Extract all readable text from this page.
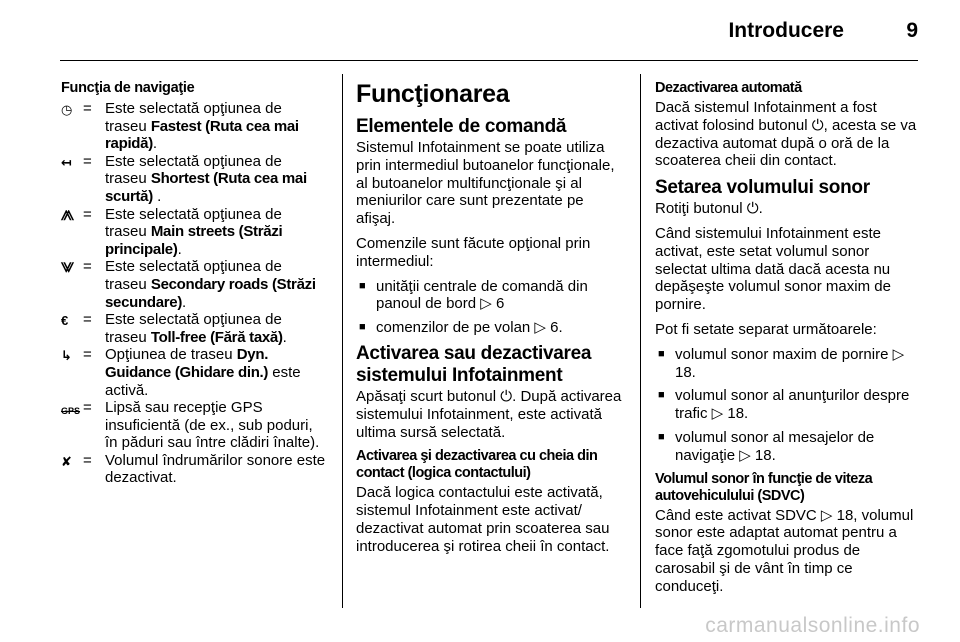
Introducere	9
Funcţia de navigaţie
◷ = Este selectată opţiunea de traseu Fastest (Ruta cea mai rapidă).
↤ = Este selectată opţiunea de traseu Shortest (Ruta cea mai scurtă) .
⨇ = Este selectată opţiunea de traseu Main streets (Străzi principale).
⨈ = Este selectată opţiunea de traseu Secondary roads (Străzi secundare).
€ = Este selectată opţiunea de traseu Toll-free (Fără taxă).
↳ = Opţiunea de traseu Dyn. Guidance (Ghidare din.) este activă.
GPS = Lipsă sau recepţie GPS insuficientă (de ex., sub poduri, în păduri sau între clădiri înalte).
✘ = Volumul îndrumărilor sonore este dezactivat.
Funcţionarea
Elementele de comandă

Sistemul Infotainment se poate utiliza prin intermediul butoanelor funcţionale, al butoanelor multifuncţionale şi al meniurilor care sunt prezentate pe afişaj.

Comenzile sunt făcute opţional prin intermediul:

■ unităţii centrale de comandă din panoul de bord ▷ 6
■ comenzilor de pe volan ▷ 6.
Activarea sau dezactivarea sistemului Infotainment

Apăsaţi scurt butonul ⏻. După activarea sistemului Infotainment, este activată ultima sursă selectată.

Activarea şi dezactivarea cu cheia din contact (logica contactului)

Dacă logica contactului este activată, sistemul Infotainment este activat/ dezactivat automat prin scoaterea sau introducerea şi rotirea cheii în contact.

Dezactivarea automată

Dacă sistemul Infotainment a fost activat folosind butonul ⏻, acesta se va dezactiva automat după o oră de la scoaterea cheii din contact.

Setarea volumului sonor

Rotiţi butonul ⏻.

Când sistemului Infotainment este activat, este setat volumul sonor selectat ultima dată dacă acesta nu depăşeşte volumul sonor maxim de pornire.

Pot fi setate separat următoarele:

■ volumul sonor maxim de pornire ▷ 18.
■ volumul sonor al anunţurilor despre trafic ▷ 18.
■ volumul sonor al mesajelor de navigaţie ▷ 18.
Volumul sonor în funcţie de viteza autovehiculului (SDVC)

Când este activat SDVC ▷ 18, volumul sonor este adaptat automat pentru a face faţă zgomotului produs de carosabil şi de vânt în timp ce conduceţi.

carmanualsonline.info
